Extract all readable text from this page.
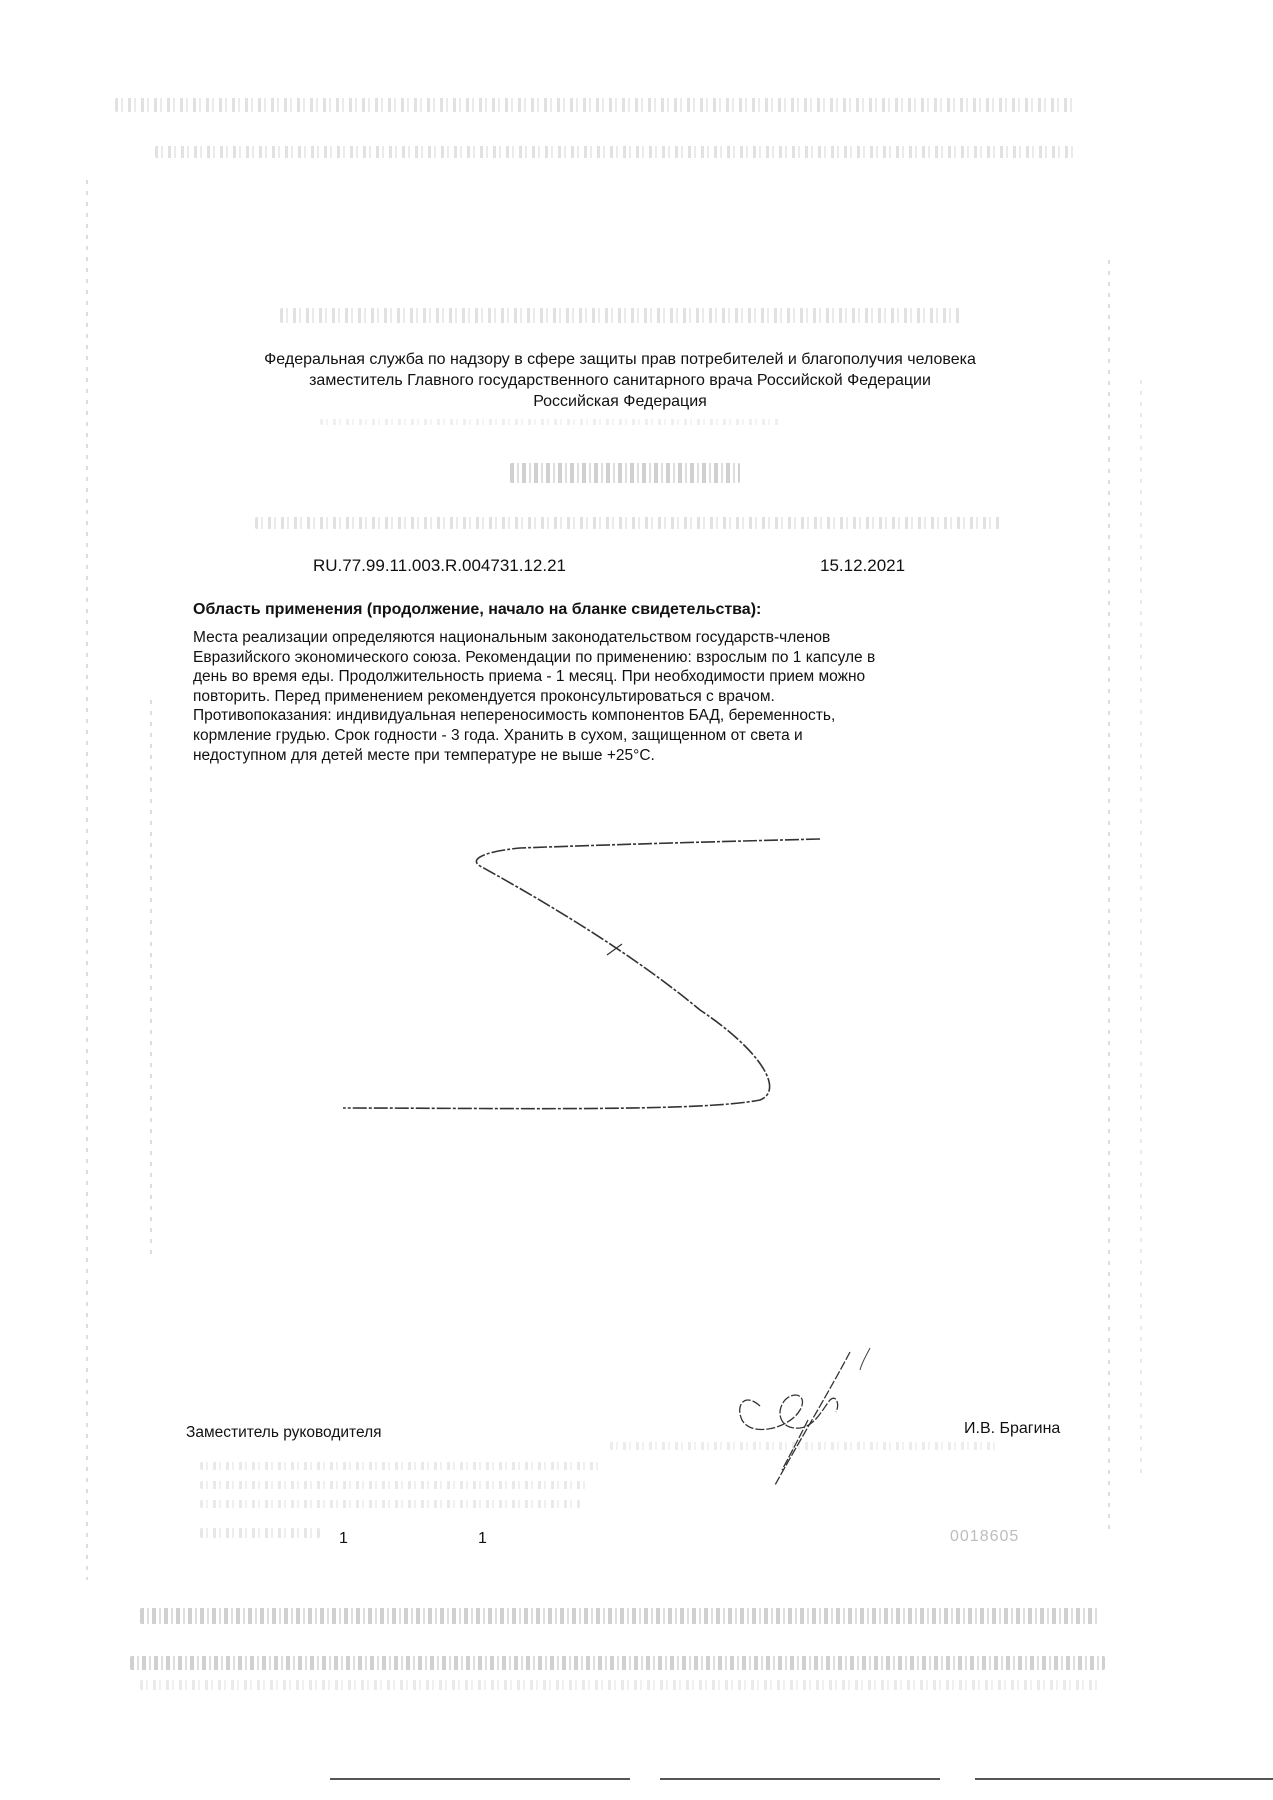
Федеральная служба по надзору в сфере защиты прав потребителей и благополучия человека
заместитель Главного государственного санитарного врача Российской Федерации
Российская Федерация
RU.77.99.11.003.R.004731.12.21	15.12.2021
Область применения (продолжение, начало на бланке свидетельства):
Места реализации определяются национальным законодательством государств-членов
Евразийского экономического союза. Рекомендации по применению: взрослым по 1 капсуле в
день во время еды. Продолжительность приема - 1 месяц. При необходимости прием можно
повторить. Перед применением рекомендуется проконсультироваться с врачом.
Противопоказания: индивидуальная непереносимость компонентов БАД, беременность,
кормление грудью. Срок годности - 3 года. Хранить в сухом, защищенном от света и
недоступном для детей месте при температуре не выше +25°С.
Заместитель руководителя	И.В. Брагина
1	1	0018605
